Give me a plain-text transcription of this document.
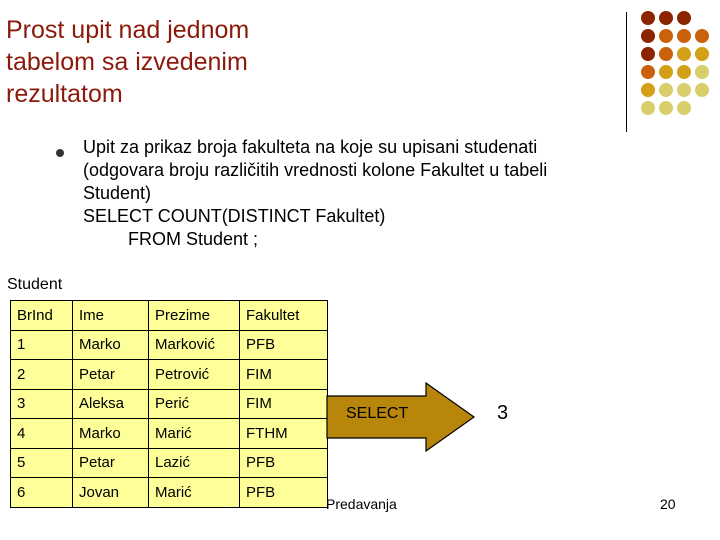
Prost upit nad jednom
tabelom sa izvedenim
rezultatom
Upit za prikaz broja fakulteta na koje su upisani studenati
(odgovara broju različitih vrednosti kolone Fakultet u tabeli
Student)
SELECT COUNT(DISTINCT Fakultet)
FROM Student ;
Student
BrInd	Ime	Prezime	Fakultet
1	Marko	Marković	PFB
2	Petar	Petrović	FIM
3	Aleksa	Perić	FIM
4	Marko	Marić	FTHM
5	Petar	Lazić	PFB
6	Jovan	Marić	PFB
SELECT	3
Predavanja	20
